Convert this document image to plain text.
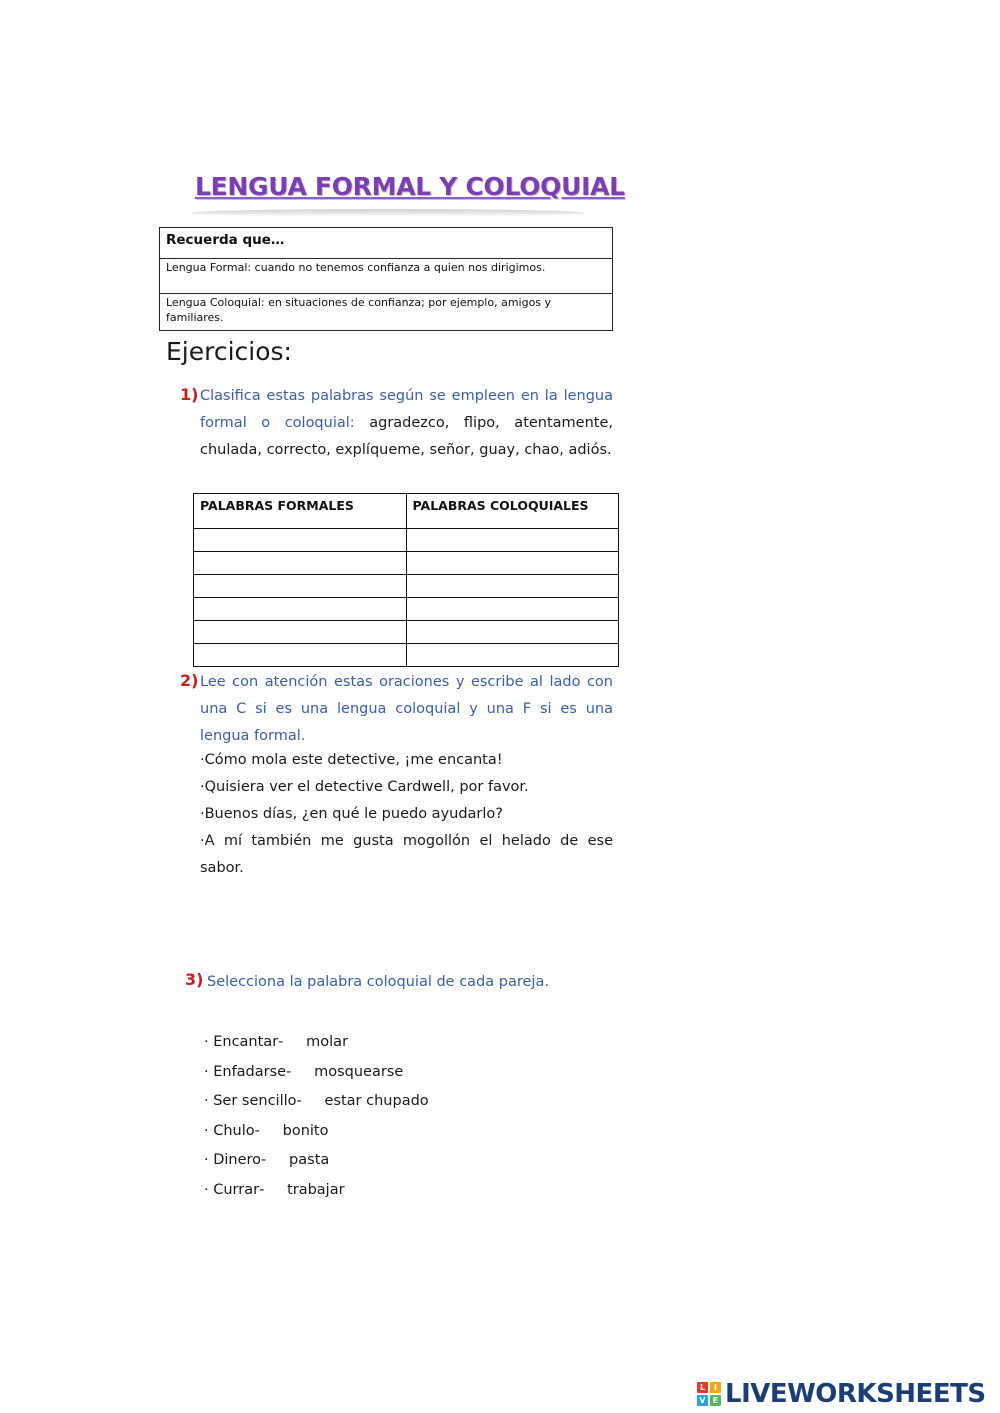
LENGUA FORMAL Y COLOQUIAL
Recuerda que…
Lengua Formal: cuando no tenemos confianza a quien nos dirigimos.
Lengua Coloquial: en situaciones de confianza; por ejemplo, amigos y familiares.
Ejercicios:
1) Clasifica estas palabras según se empleen en la lengua formal o coloquial: agradezco, flipo, atentamente, chulada, correcto, explíqueme, señor, guay, chao, adiós.
PALABRAS FORMALES	PALABRAS COLOQUIALES

2) Lee con atención estas oraciones y escribe al lado con una C si es una lengua coloquial y una F si es una lengua formal.
·Cómo mola este detective, ¡me encanta!
·Quisiera ver el detective Cardwell, por favor.
·Buenos días, ¿en qué le puedo ayudarlo?
·A mí también me gusta mogollón el helado de ese sabor.
3) Selecciona la palabra coloquial de cada pareja.
· Encantar- molar
· Enfadarse- mosquearse
· Ser sencillo- estar chupado
· Chulo- bonito
· Dinero- pasta
· Currar- trabajar
L	I
V E LIVEWORKSHEETS
